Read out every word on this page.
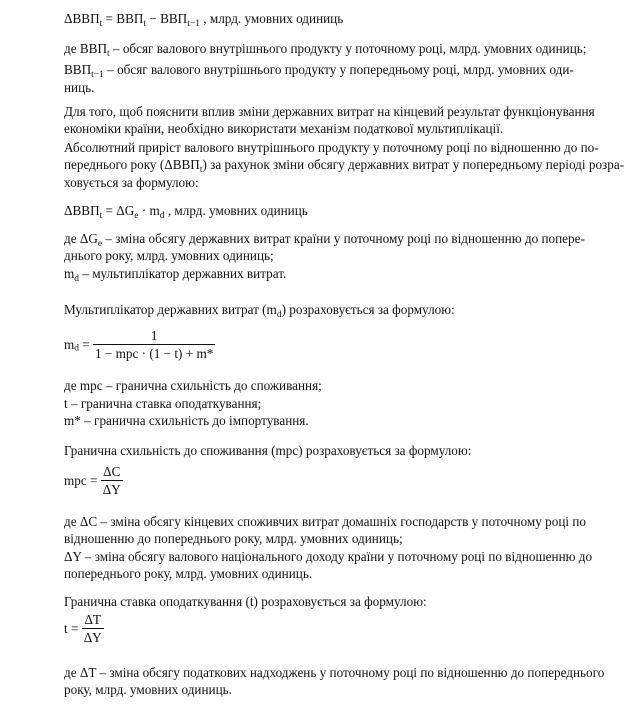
$\Delta ВВП_t = ВВП_t - ВВП_{t-1}$ , млрд. умовних одиниць
де $ВВП_t$ – обсяг валового внутрішнього продукту у поточному році, млрд. умовних одиниць;
$ВВП_{t-1}$ – обсяг валового внутрішнього продукту у попередньому році, млрд. умовних оди-
ниць.
Для того, щоб пояснити вплив зміни державних витрат на кінцевий результат функціонування
економіки країни, необхідно використати механізм податкової мультиплікації.
Абсолютний приріст валового внутрішнього продукту у поточному році по відношенню до по-
переднього року $(\Delta ВВП_t)$ за рахунок зміни обсягу державних витрат у попередньому періоді розра-
ховується за формулою:
$\Delta ВВП_t = \Delta G_e \cdot m_d$ , млрд. умовних одиниць
де $\Delta G_e$ – зміна обсягу державних витрат країни у поточному році по відношенню до попере-
днього року, млрд. умовних одиниць;
$m_d$ – мультиплікатор державних витрат.
Мультиплікатор державних витрат $(m_d)$ розраховується за формулою:
$m_d$ =
1
1 − mpc · (1 − t) + m*
де mpc – гранична схильність до споживання;
t – гранична ставка оподаткування;
m* – гранична схильність до імпортування.
Гранична схильність до споживання (mpc) розраховується за формулою:
mpc = $\frac{\Delta C}{\Delta Y}$
де ΔC – зміна обсягу кінцевих споживчих витрат домашніх господарств у поточному році по
відношенню до попереднього року, млрд. умовних одиниць;
ΔY – зміна обсягу валового національного доходу країни у поточному році по відношенню до
попереднього року, млрд. умовних одиниць.
Гранична ставка оподаткування (t) розраховується за формулою:
$t = \frac{\Delta T}{\Delta Y}$
де ΔT – зміна обсягу податкових надходжень у поточному році по відношенню до попереднього
року, млрд. умовних одиниць.
